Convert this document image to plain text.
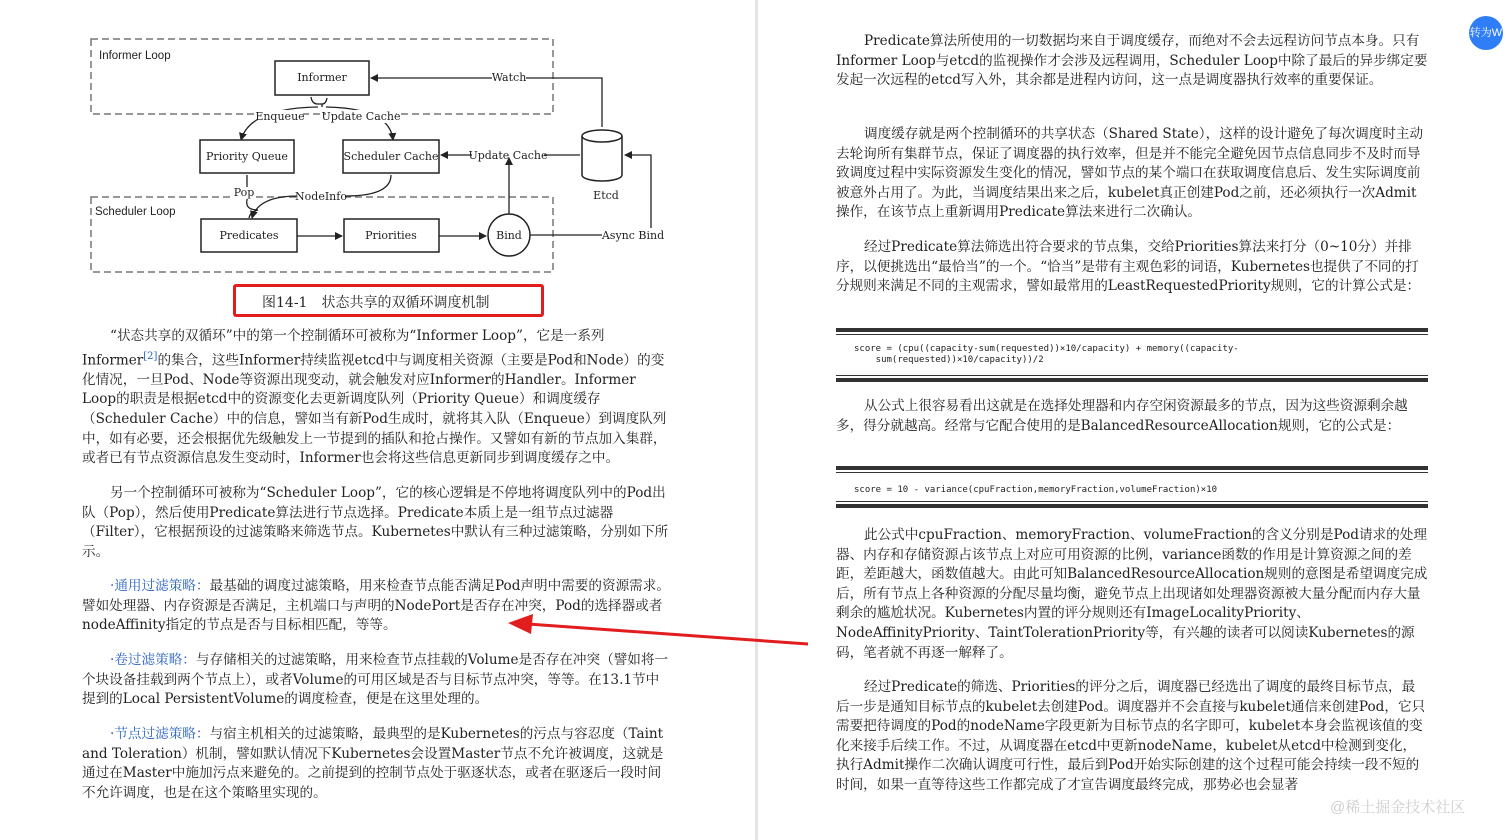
Informer Loop
Scheduler Loop
Informer	Watch
Enqueue Update Cache
Priority Queue	Scheduler Cache	Update Cache
Etcd
Pop	NodeInfo
Predicates	Priorities	Bind	Async Bind
图14-1　状态共享的双循环调度机制

“状态共享的双循环”中的第一个控制循环可被称为“Informer Loop”，它是一系列Informer[2]的集合，这些Informer持续监视etcd中与调度相关资源（主要是Pod和Node）的变化情况，一旦Pod、Node等资源出现变动，就会触发对应Informer的Handler。Informer Loop的职责是根据etcd中的资源变化去更新调度队列（Priority Queue）和调度缓存（Scheduler Cache）中的信息，譬如当有新Pod生成时，就将其入队（Enqueue）到调度队列中，如有必要，还会根据优先级触发上一节提到的插队和抢占操作。又譬如有新的节点加入集群，或者已有节点资源信息发生变动时，Informer也会将这些信息更新同步到调度缓存之中。

另一个控制循环可被称为“Scheduler Loop”，它的核心逻辑是不停地将调度队列中的Pod出队（Pop），然后使用Predicate算法进行节点选择。Predicate本质上是一组节点过滤器（Filter），它根据预设的过滤策略来筛选节点。Kubernetes中默认有三种过滤策略，分别如下所示。

·通用过滤策略：最基础的调度过滤策略，用来检查节点能否满足Pod声明中需要的资源需求。譬如处理器、内存资源是否满足，主机端口与声明的NodePort是否存在冲突，Pod的选择器或者nodeAffinity指定的节点是否与目标相匹配，等等。

·卷过滤策略：与存储相关的过滤策略，用来检查节点挂载的Volume是否存在冲突（譬如将一个块设备挂载到两个节点上），或者Volume的可用区域是否与目标节点冲突，等等。在13.1节中提到的Local PersistentVolume的调度检查，便是在这里处理的。

·节点过滤策略：与宿主机相关的过滤策略，最典型的是Kubernetes的污点与容忍度（Taint and Toleration）机制，譬如默认情况下Kubernetes会设置Master节点不允许被调度，这就是通过在Master中施加污点来避免的。之前提到的控制节点处于驱逐状态，或者在驱逐后一段时间不允许调度，也是在这个策略里实现的。

Predicate算法所使用的一切数据均来自于调度缓存，而绝对不会去远程访问节点本身。只有Informer Loop与etcd的监视操作才会涉及远程调用，Scheduler Loop中除了最后的异步绑定要发起一次远程的etcd写入外，其余都是进程内访问，这一点是调度器执行效率的重要保证。

调度缓存就是两个控制循环的共享状态（Shared State），这样的设计避免了每次调度时主动去轮询所有集群节点，保证了调度器的执行效率，但是并不能完全避免因节点信息同步不及时而导致调度过程中实际资源发生变化的情况，譬如节点的某个端口在获取调度信息后、发生实际调度前被意外占用了。为此，当调度结果出来之后，kubelet真正创建Pod之前，还必须执行一次Admit操作，在该节点上重新调用Predicate算法来进行二次确认。

经过Predicate算法筛选出符合要求的节点集，交给Priorities算法来打分（0~10分）并排序，以便挑选出“最恰当”的一个。“恰当”是带有主观色彩的词语，Kubernetes也提供了不同的打分规则来满足不同的主观需求，譬如最常用的LeastRequestedPriority规则，它的计算公式是：

从公式上很容易看出这就是在选择处理器和内存空闲资源最多的节点，因为这些资源剩余越多，得分就越高。经常与它配合使用的是BalancedResourceAllocation规则，它的公式是：

此公式中cpuFraction、memoryFraction、volumeFraction的含义分别是Pod请求的处理器、内存和存储资源占该节点上对应可用资源的比例，variance函数的作用是计算资源之间的差距，差距越大，函数值越大。由此可知BalancedResourceAllocation规则的意图是希望调度完成后，所有节点上各种资源的分配尽量均衡，避免节点上出现诸如处理器资源被大量分配而内存大量剩余的尴尬状况。Kubernetes内置的评分规则还有ImageLocalityPriority、NodeAffinityPriority、TaintTolerationPriority等，有兴趣的读者可以阅读Kubernetes的源码，笔者就不再逐一解释了。

经过Predicate的筛选、Priorities的评分之后，调度器已经选出了调度的最终目标节点，最后一步是通知目标节点的kubelet去创建Pod。调度器并不会直接与kubelet通信来创建Pod，它只需要把待调度的Pod的nodeName字段更新为目标节点的名字即可，kubelet本身会监视该值的变化来接手后续工作。不过，从调度器在etcd中更新nodeName，kubelet从etcd中检测到变化，执行Admit操作二次确认调度可行性，最后到Pod开始实际创建的这个过程可能会持续一段不短的时间，如果一直等待这些工作都完成了才宣告调度最终完成，那势必也会显著

score = (cpu((capacity-sum(requested))×10/capacity) + memory((capacity-
sum(requested))×10/capacity))/2
score = 10 - variance(cpuFraction,memoryFraction,volumeFraction)×10
转为W
@稀土掘金技术社区
